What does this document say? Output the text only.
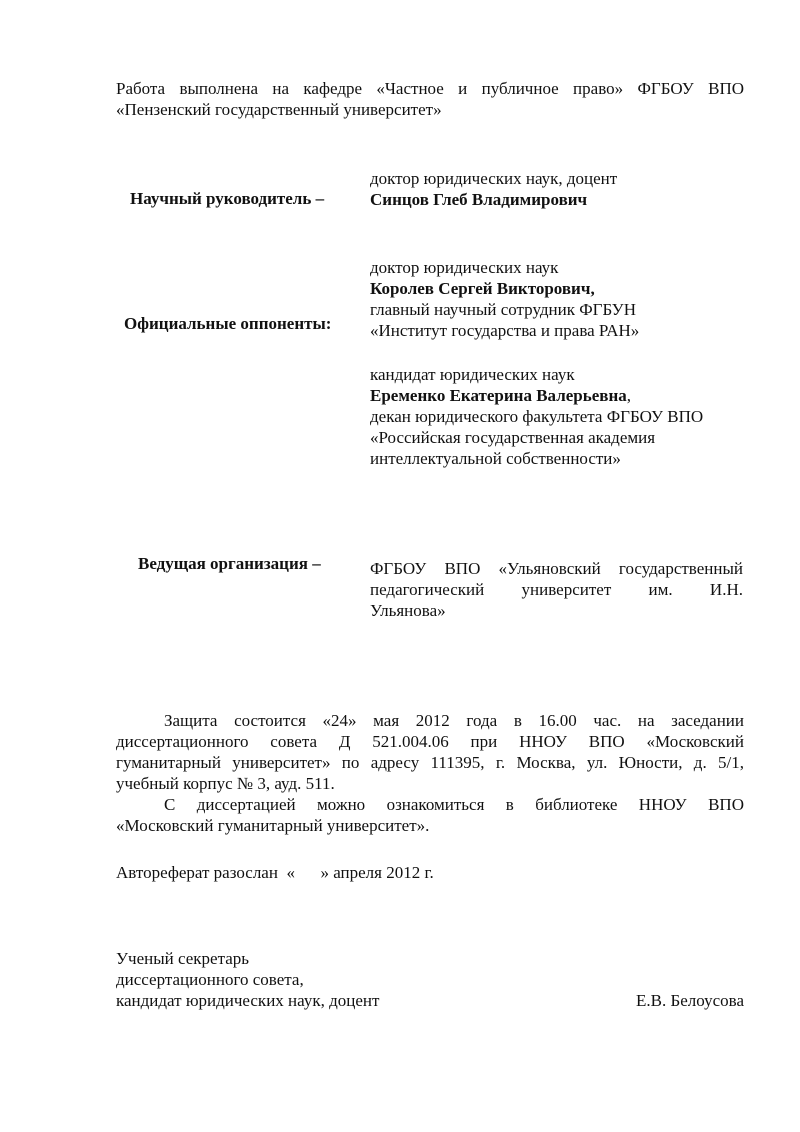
Работа выполнена на кафедре «Частное и публичное право» ФГБОУ ВПО
«Пензенский государственный университет»
Научный руководитель –
доктор юридических наук, доцент
Синцов Глеб Владимирович
Официальные оппоненты:
доктор юридических наук
Королев Сергей Викторович,
главный научный сотрудник ФГБУН
«Институт государства и права РАН»
кандидат юридических наук
Еременко Екатерина Валерьевна,
декан юридического факультета ФГБОУ ВПО
«Российская государственная академия
интеллектуальной собственности»
Ведущая организация –	ФГБОУ ВПО «Ульяновский государственный
педагогический университет им. И.Н.
Ульянова»
Защита состоится «24» мая 2012 года в 16.00 час. на заседании
диссертационного совета Д 521.004.06 при ННОУ ВПО «Московский
гуманитарный университет» по адресу 111395, г. Москва, ул. Юности, д. 5/1,
учебный корпус № 3, ауд. 511.
С диссертацией можно ознакомиться в библиотеке ННОУ ВПО
«Московский гуманитарный университет».
Автореферат разослан  «      » апреля 2012 г.
Ученый секретарь
диссертационного совета,
кандидат юридических наук, доцент	Е.В. Белоусова
